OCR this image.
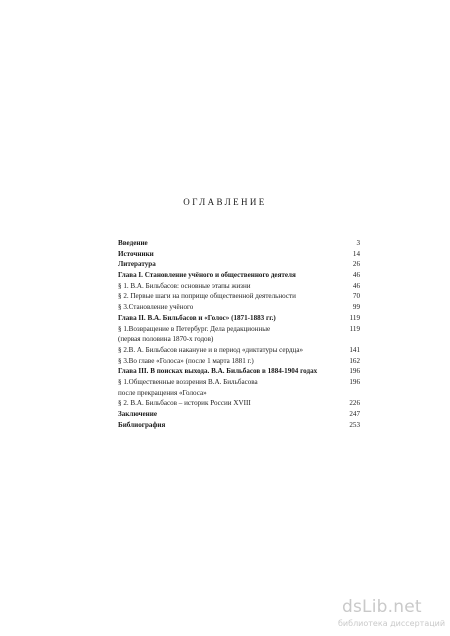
ОГЛАВЛЕНИЕ
Введение	3
Источники	14
Литература	26
Глава I. Становление учёного и общественного деятеля	46
§ 1. В.А. Бильбасов: основные этапы жизни	46
§ 2. Первые шаги на поприще общественной деятельности	70
§ 3.Становление учёного	99
Глава II. В.А. Бильбасов и «Голос» (1871-1883 гг.)	119
§ 1.Возвращение в Петербург. Дела редакционные	119
(первая половина 1870-х годов)
§ 2.В. А. Бильбасов накануне и в период «диктатуры сердца»	141
§ 3.Во главе «Голоса» (после 1 марта 1881 г.)	162
Глава III. В поисках выхода. В.А. Бильбасов в 1884-1904 годах	196
§ 1.Общественные воззрения В.А. Бильбасова	196
после прекращения «Голоса»
§ 2. В.А. Бильбасов – историк России XVIII	226
Заключение	247
Библиография	253
dsLib.net
библиотека диссертаций
